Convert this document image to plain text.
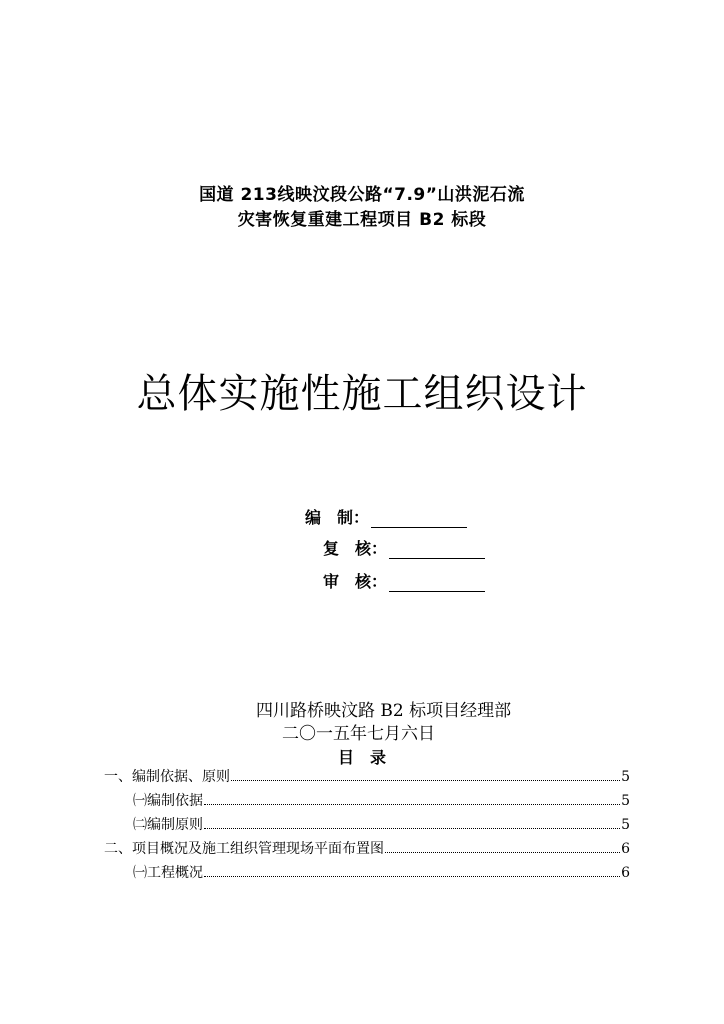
国道 213线映汶段公路“7.9”山洪泥石流
灾害恢复重建工程项目 B2 标段
总体实施性施工组织设计
编　制：
复　核：
审　核：
四川路桥映汶路 B2 标项目经理部
二〇一五年七月六日
目　录
一、编制依据、原则	5
㈠编制依据	5
㈡编制原则	5
二、项目概况及施工组织管理现场平面布置图	6
㈠工程概况	6
